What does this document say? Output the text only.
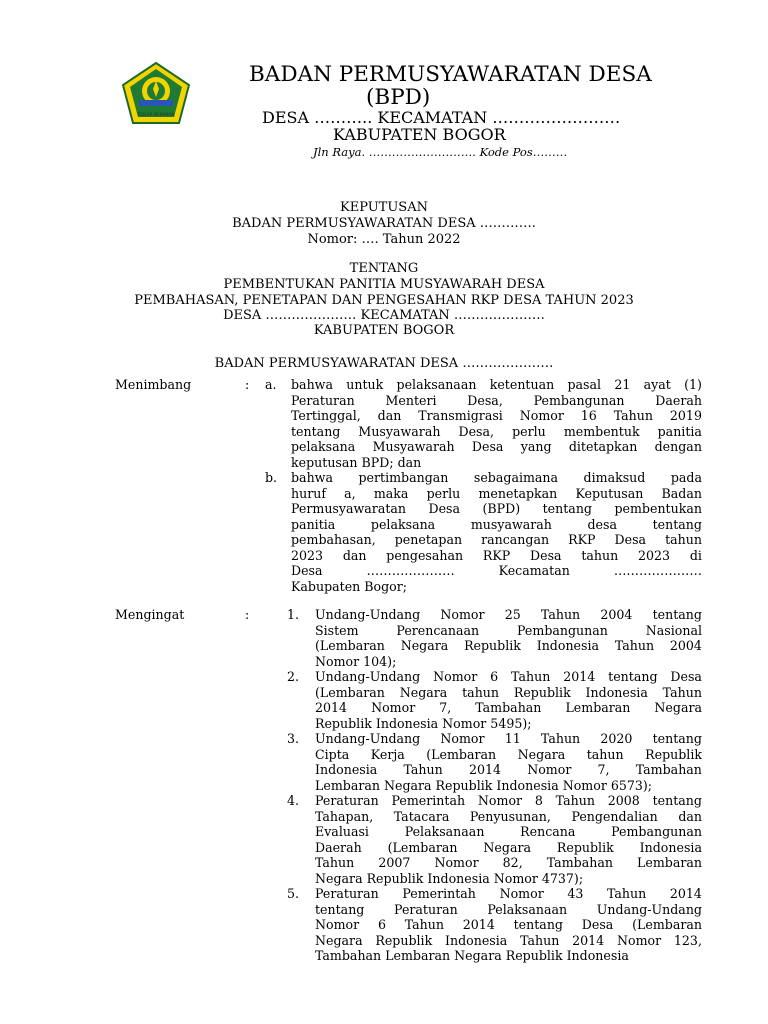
TEGAR BERIMAN
BADAN PERMUSYAWARATAN DESA
(BPD)
DESA ……….. KECAMATAN ……………………
KABUPATEN BOGOR
Jln Raya. ………………………. Kode Pos………
KEPUTUSAN
BADAN PERMUSYAWARATAN DESA ………….
Nomor: …. Tahun 2022
TENTANG
PEMBENTUKAN PANITIA MUSYAWARAH DESA
PEMBAHASAN, PENETAPAN DAN PENGESAHAN RKP DESA TAHUN 2023
DESA ………………… KECAMATAN …………………
KABUPATEN BOGOR
BADAN PERMUSYAWARATAN DESA …………………
Menimbang	: a. bahwa untuk pelaksanaan ketentuan pasal 21 ayat (1)
Peraturan Menteri Desa, Pembangunan Daerah
Tertinggal, dan Transmigrasi Nomor 16 Tahun 2019
tentang Musyawarah Desa, perlu membentuk panitia
pelaksana Musyawarah Desa yang ditetapkan dengan
keputusan BPD; dan
b. bahwa pertimbangan sebagaimana dimaksud pada
huruf a, maka perlu menetapkan Keputusan Badan
Permusyawaratan Desa (BPD) tentang pembentukan
panitia	pelaksana	musyawarah	desa	tentang
pembahasan, penetapan rancangan RKP Desa tahun
2023 dan pengesahan RKP Desa tahun 2023 di
Desa	…………………	Kecamatan	…………………
Kabupaten Bogor;
Mengingat	:	1. Undang-Undang Nomor 25 Tahun 2004 tentang
Sistem	Perencanaan	Pembangunan	Nasional
(Lembaran Negara Republik Indonesia Tahun 2004
Nomor 104);
2. Undang-Undang Nomor 6 Tahun 2014 tentang Desa
(Lembaran Negara tahun Republik Indonesia Tahun
2014 Nomor 7, Tambahan Lembaran Negara
Republik Indonesia Nomor 5495);
3. Undang-Undang Nomor 11 Tahun 2020 tentang
Cipta Kerja (Lembaran Negara tahun Republik
Indonesia Tahun 2014 Nomor 7, Tambahan
Lembaran Negara Republik Indonesia Nomor 6573);
4. Peraturan Pemerintah Nomor 8 Tahun 2008 tentang
Tahapan, Tatacara Penyusunan, Pengendalian dan
Evaluasi	Pelaksanaan	Rencana	Pembangunan
Daerah (Lembaran Negara Republik Indonesia
Tahun 2007 Nomor 82, Tambahan Lembaran
Negara Republik Indonesia Nomor 4737);
5. Peraturan Pemerintah Nomor 43 Tahun 2014
tentang Peraturan Pelaksanaan Undang-Undang
Nomor 6 Tahun 2014 tentang Desa (Lembaran
Negara Republik Indonesia Tahun 2014 Nomor 123,
Tambahan Lembaran Negara Republik Indonesia
